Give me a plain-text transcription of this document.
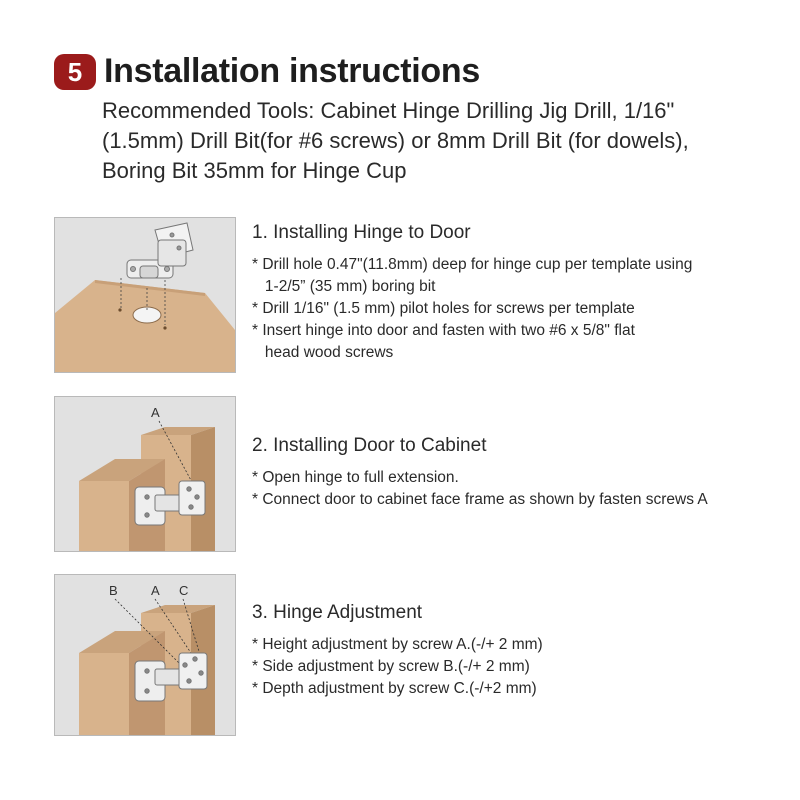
5 Installation instructions
Recommended Tools: Cabinet Hinge Drilling Jig Drill, 1/16"
(1.5mm) Drill Bit(for #6 screws) or 8mm Drill Bit (for dowels),
Boring Bit 35mm for Hinge Cup
A
B	A C
1. Installing Hinge to Door
* Drill hole 0.47"(11.8mm) deep for hinge cup per template using
1-2/5” (35 mm) boring bit
* Drill 1/16" (1.5 mm) pilot holes for screws per template
* Insert hinge into door and fasten with two #6 x 5/8" flat
head wood screws
2. Installing Door to Cabinet
* Open hinge to full extension.
* Connect door to cabinet face frame as shown by fasten screws A
3. Hinge Adjustment
* Height adjustment by screw A.(-/+ 2 mm)
* Side adjustment by screw B.(-/+ 2 mm)
* Depth adjustment by screw C.(-/+2 mm)
